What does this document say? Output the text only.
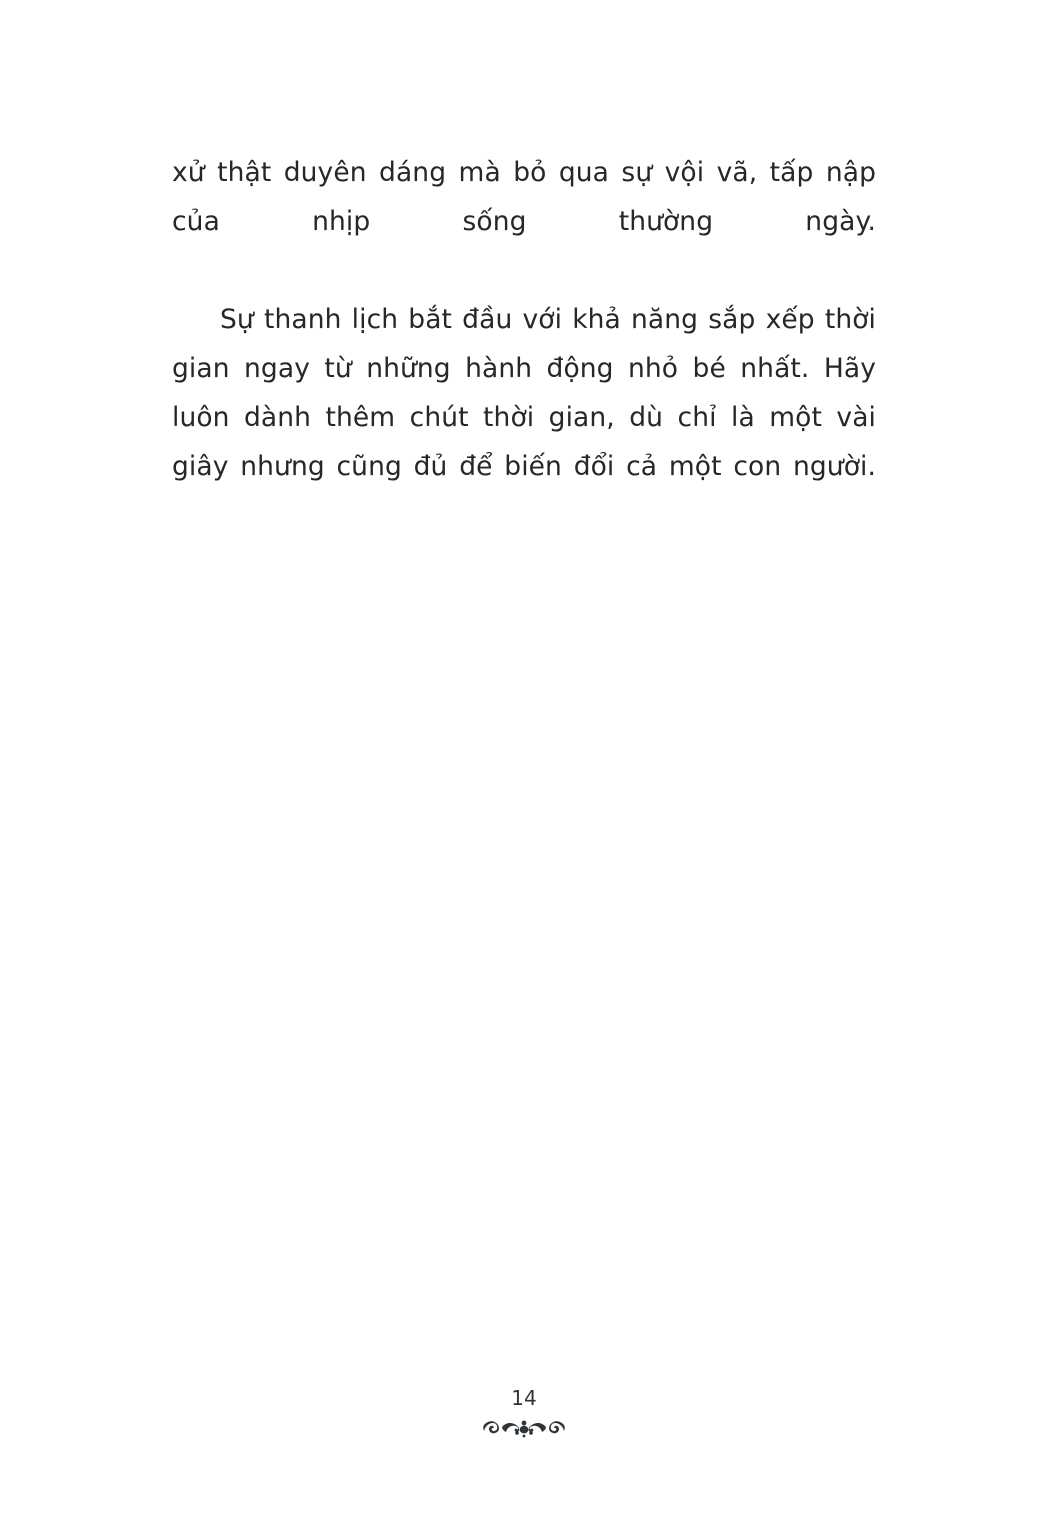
xử thật duyên dáng mà bỏ qua sự vội vã, tấp nập của nhịp sống thường ngày.

Sự thanh lịch bắt đầu với khả năng sắp xếp thời gian ngay từ những hành động nhỏ bé nhất. Hãy luôn dành thêm chút thời gian, dù chỉ là một vài giây nhưng cũng đủ để biến đổi cả một con người.

14
